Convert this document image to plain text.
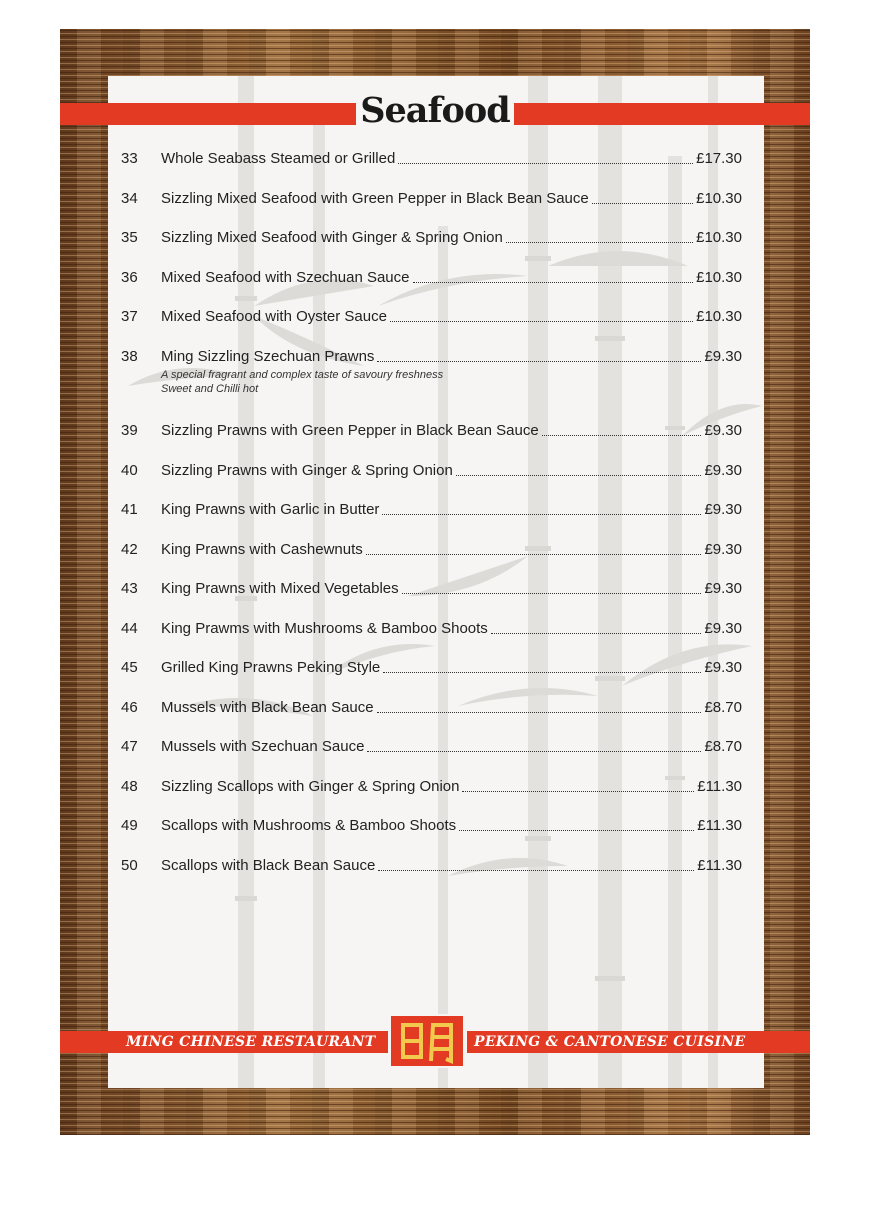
Seafood
33	Whole Seabass Steamed or Grilled	£17.30
34	Sizzling Mixed Seafood with Green Pepper in Black Bean Sauce	£10.30
35	Sizzling Mixed Seafood with Ginger & Spring Onion	£10.30
36	Mixed Seafood with Szechuan Sauce	£10.30
37	Mixed Seafood with Oyster Sauce	£10.30
38	Ming Sizzling Szechuan Prawns	£9.30
A special fragrant and complex taste of savoury freshness
Sweet and Chilli hot
39	Sizzling Prawns with Green Pepper in Black Bean Sauce	£9.30
40	Sizzling Prawns with Ginger & Spring Onion	£9.30
41	King Prawns with Garlic in Butter	£9.30
42	King Prawns with Cashewnuts	£9.30
43	King Prawns with Mixed Vegetables	£9.30
44	King Prawms with Mushrooms & Bamboo Shoots	£9.30
45	Grilled King Prawns Peking Style	£9.30
46	Mussels with Black Bean Sauce	£8.70
47	Mussels with Szechuan Sauce	£8.70
48	Sizzling Scallops with Ginger & Spring Onion	£11.30
49	Scallops with Mushrooms & Bamboo Shoots	£11.30
50	Scallops with Black Bean Sauce	£11.30
MING CHINESE RESTAURANT	PEKING & CANTONESE CUISINE
